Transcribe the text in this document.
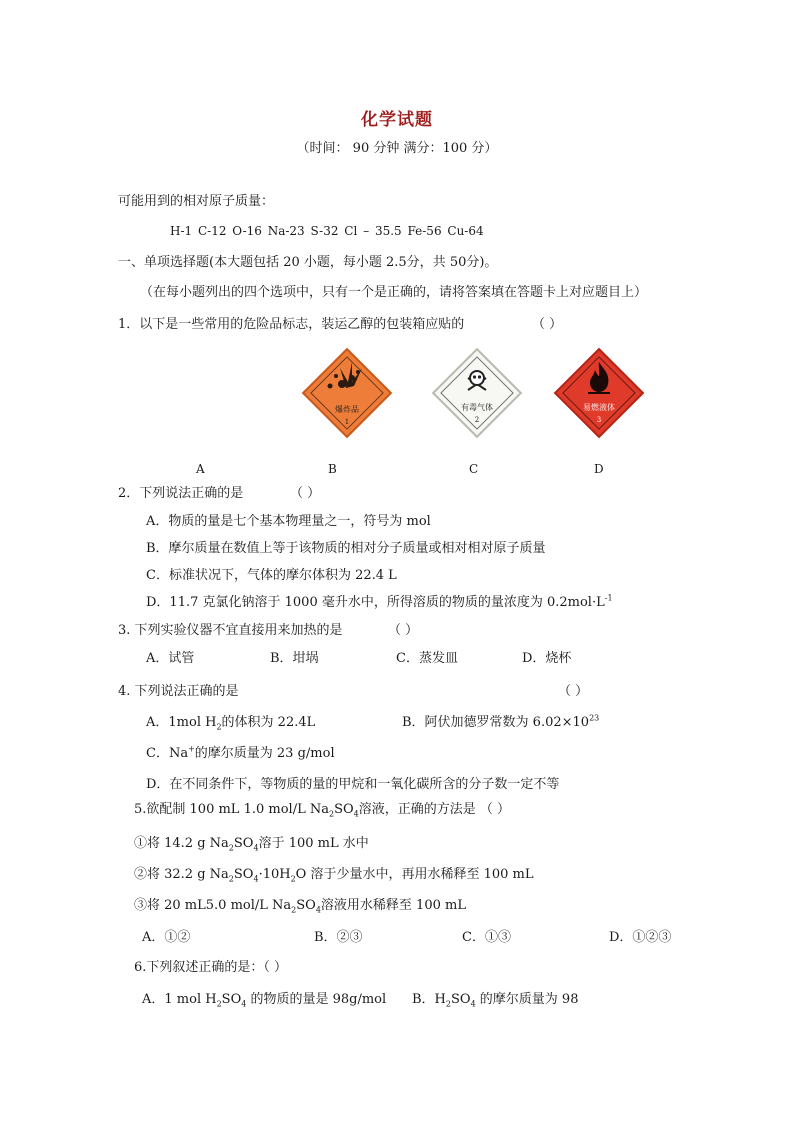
化学试题
（时间： 90 分钟 满分：100 分）
可能用到的相对原子质量：
H-1 C-12 O-16 Na-23 S-32 Cl – 35.5 Fe-56 Cu-64
一、单项选择题(本大题包括 20 小题，每小题 2.5分，共 50分)。
（在每小题列出的四个选项中，只有一个是正确的，请将答案填在答题卡上对应题目上）
1．以下是一些常用的危险品标志，装运乙醇的包装箱应贴的	（ ）
爆炸品
1
有毒气体
2
易燃液体
3
A	B	C	D
2．下列说法正确的是	（ ）
A．物质的量是七个基本物理量之一，符号为 mol
B．摩尔质量在数值上等于该物质的相对分子质量或相对相对原子质量
C．标准状况下，气体的摩尔体积为 22.4 L
D．11.7 克氯化钠溶于 1000 毫升水中，所得溶质的物质的量浓度为 $0.2mol\cdot L^{-1}$
3. 下列实验仪器不宜直接用来加热的是	（ ）
A．试管	B．坩埚	C．蒸发皿	D．烧杯
4. 下列说法正确的是	（ ）
A．1mol $H_2$的体积为 22.4L	B．阿伏加德罗常数为 $6.02\times 10^{23}$
C．Na+的摩尔质量为 23 g/mol
D．在不同条件下，等物质的量的甲烷和一氧化碳所含的分子数一定不等
5.欲配制 100 mL 1.0 mol/L $Na_2SO_4$溶液，正确的方法是 （ ）
①将 14.2 g $Na_2SO_4$溶于 100 mL 水中
②将 32.2 g $Na_2SO_4\cdot 10H_2O$ 溶于少量水中，再用水稀释至 100 mL
③将 20 mL5.0 mol/L $Na_2SO_4$溶液用水稀释至 100 mL
A．①②	B．②③	C．①③	D．①②③
6.下列叙述正确的是：（ ）
A．1 mol $H_2SO_4$ 的物质的量是 98g/mol B．$H_2SO_4$ 的摩尔质量为 98
